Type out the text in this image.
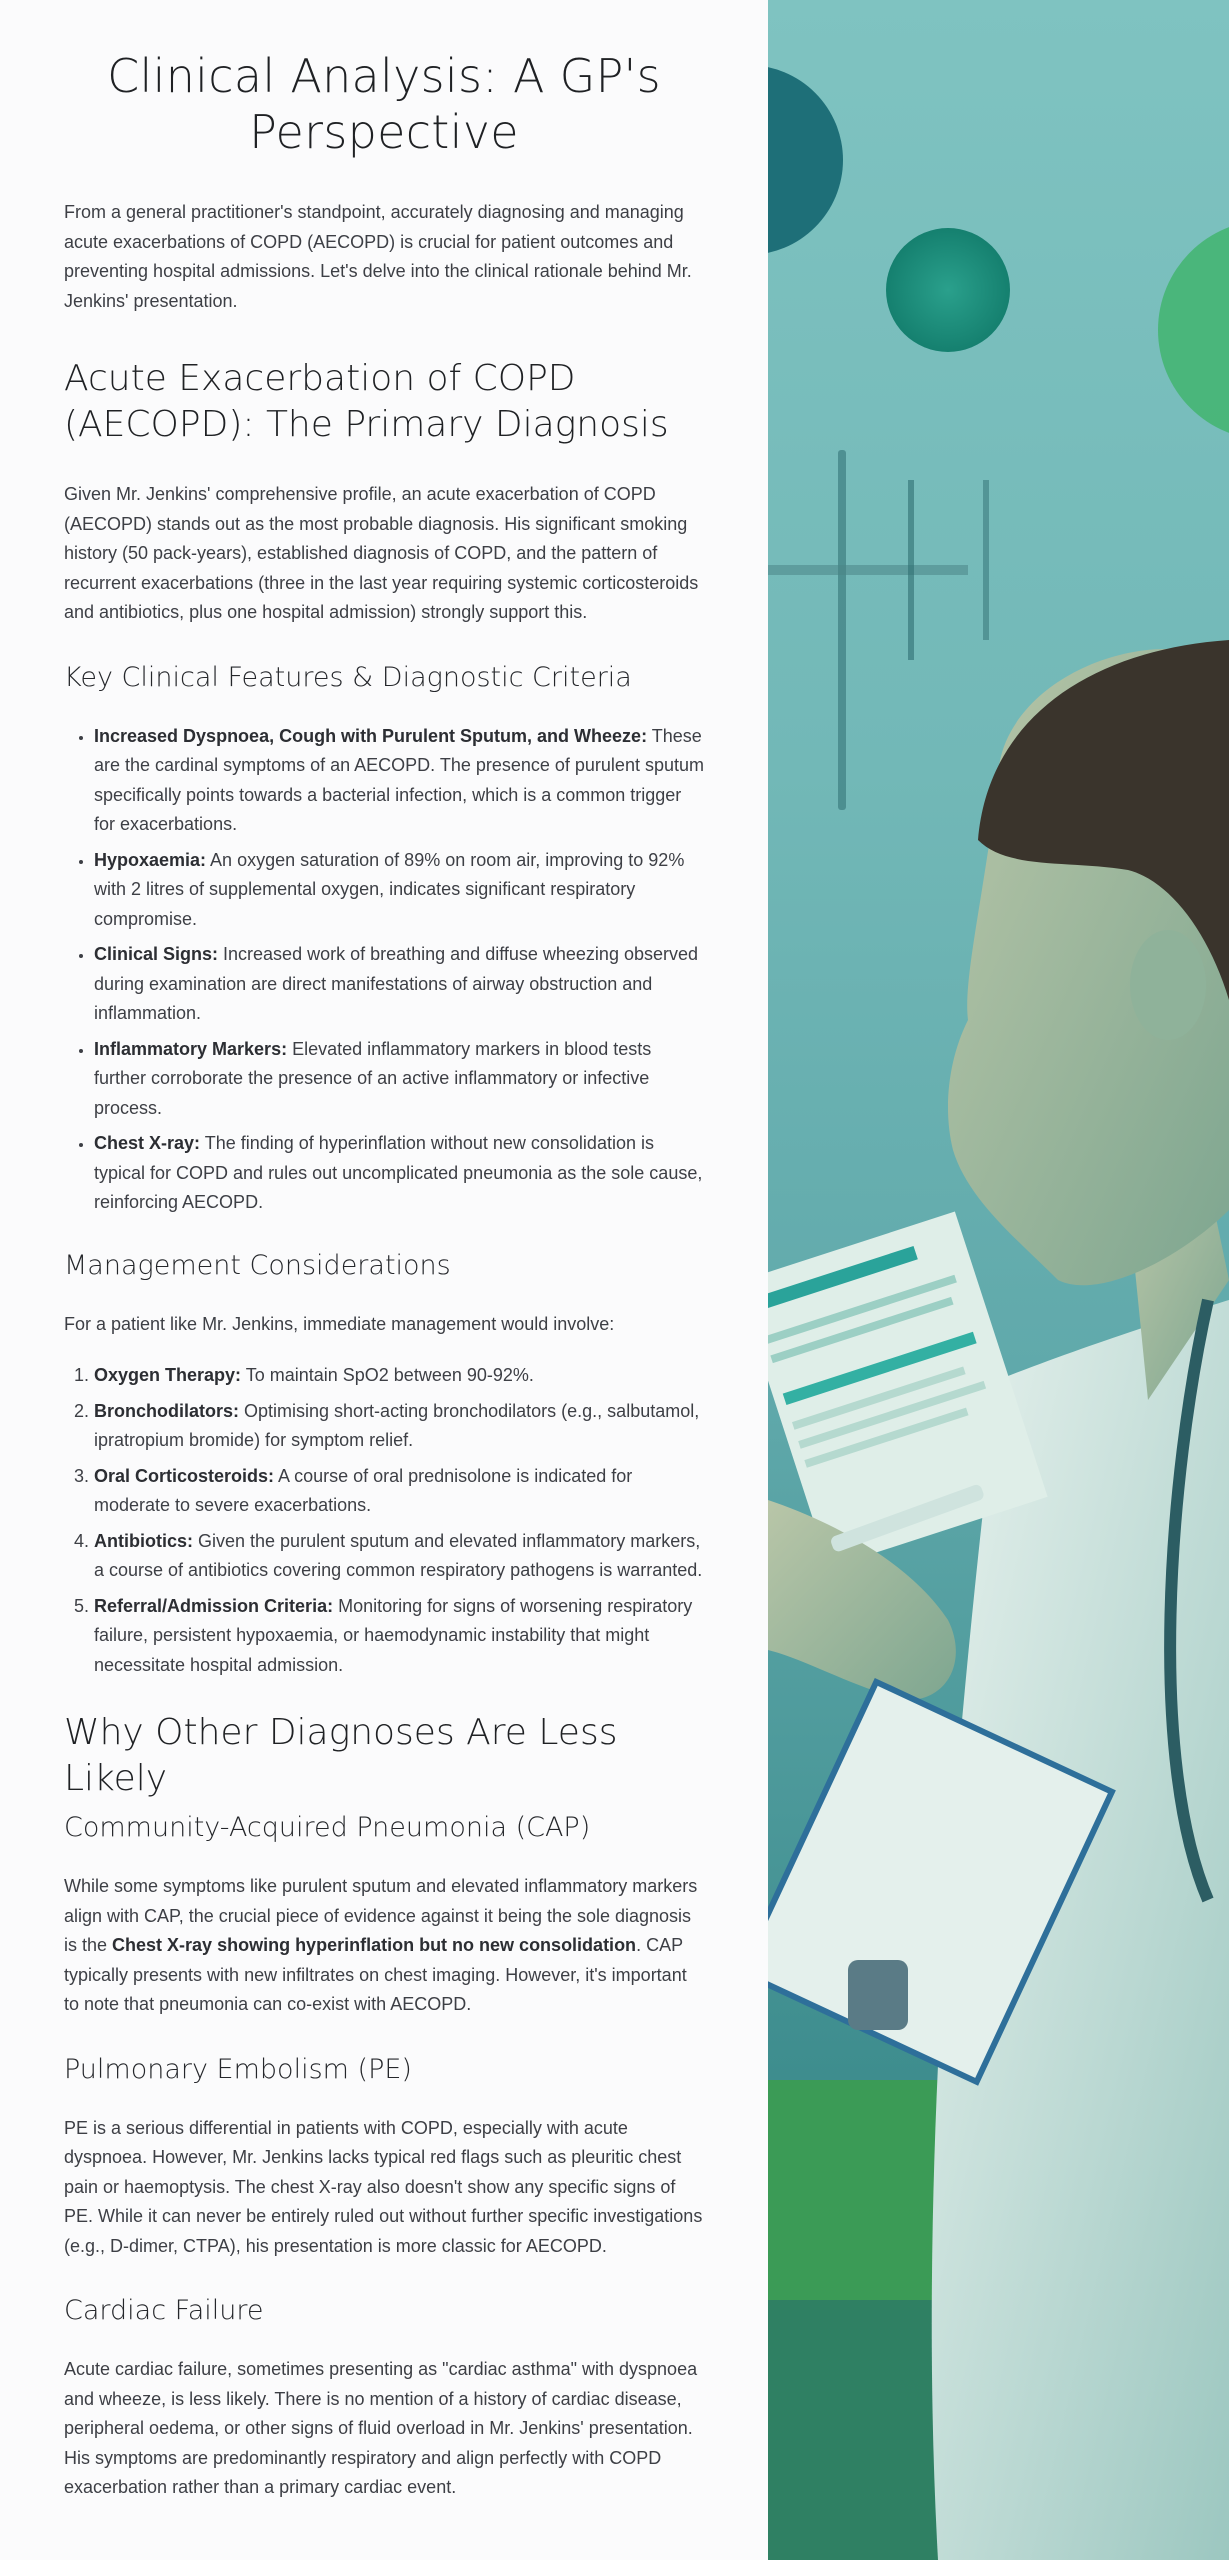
Clinical Analysis: A GP's Perspective

From a general practitioner's standpoint, accurately diagnosing and managing acute exacerbations of COPD (AECOPD) is crucial for patient outcomes and preventing hospital admissions. Let's delve into the clinical rationale behind Mr. Jenkins' presentation.

Acute Exacerbation of COPD (AECOPD): The Primary Diagnosis

Given Mr. Jenkins' comprehensive profile, an acute exacerbation of COPD (AECOPD) stands out as the most probable diagnosis. His significant smoking history (50 pack-years), established diagnosis of COPD, and the pattern of recurrent exacerbations (three in the last year requiring systemic corticosteroids and antibiotics, plus one hospital admission) strongly support this.

Key Clinical Features & Diagnostic Criteria
• Increased Dyspnoea, Cough with Purulent Sputum, and Wheeze: These are the cardinal symptoms of an AECOPD. The presence of purulent sputum specifically points towards a bacterial infection, which is a common trigger for exacerbations.
• Hypoxaemia: An oxygen saturation of 89% on room air, improving to 92% with 2 litres of supplemental oxygen, indicates significant respiratory compromise.
• Clinical Signs: Increased work of breathing and diffuse wheezing observed during examination are direct manifestations of airway obstruction and inflammation.
• Inflammatory Markers: Elevated inflammatory markers in blood tests further corroborate the presence of an active inflammatory or infective process.
• Chest X-ray: The finding of hyperinflation without new consolidation is typical for COPD and rules out uncomplicated pneumonia as the sole cause, reinforcing AECOPD.
Management Considerations

For a patient like Mr. Jenkins, immediate management would involve:

1. Oxygen Therapy: To maintain SpO2 between 90-92%.
2. Bronchodilators: Optimising short-acting bronchodilators (e.g., salbutamol, ipratropium bromide) for symptom relief.
3. Oral Corticosteroids: A course of oral prednisolone is indicated for moderate to severe exacerbations.
4. Antibiotics: Given the purulent sputum and elevated inflammatory markers, a course of antibiotics covering common respiratory pathogens is warranted.
5. Referral/Admission Criteria: Monitoring for signs of worsening respiratory failure, persistent hypoxaemia, or haemodynamic instability that might necessitate hospital admission.
Why Other Diagnoses Are Less Likely
Community-Acquired Pneumonia (CAP)

While some symptoms like purulent sputum and elevated inflammatory markers align with CAP, the crucial piece of evidence against it being the sole diagnosis is the Chest X-ray showing hyperinflation but no new consolidation. CAP typically presents with new infiltrates on chest imaging. However, it's important to note that pneumonia can co-exist with AECOPD.

Pulmonary Embolism (PE)

PE is a serious differential in patients with COPD, especially with acute dyspnoea. However, Mr. Jenkins lacks typical red flags such as pleuritic chest pain or haemoptysis. The chest X-ray also doesn't show any specific signs of PE. While it can never be entirely ruled out without further specific investigations (e.g., D-dimer, CTPA), his presentation is more classic for AECOPD.

Cardiac Failure

Acute cardiac failure, sometimes presenting as "cardiac asthma" with dyspnoea and wheeze, is less likely. There is no mention of a history of cardiac disease, peripheral oedema, or other signs of fluid overload in Mr. Jenkins' presentation. His symptoms are predominantly respiratory and align perfectly with COPD exacerbation rather than a primary cardiac event.
